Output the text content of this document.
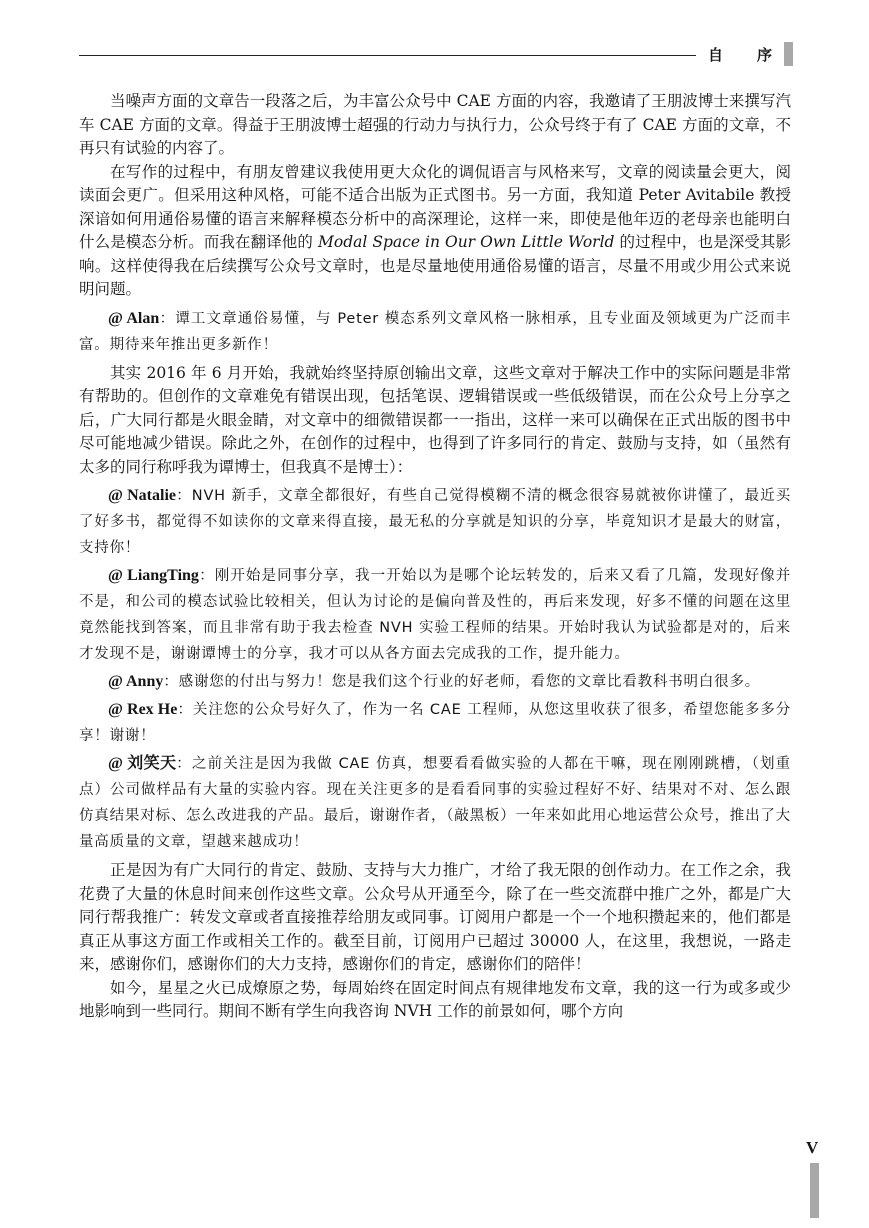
自 序

当噪声方面的文章告一段落之后，为丰富公众号中 CAE 方面的内容，我邀请了王朋波博士来撰写汽车 CAE 方面的文章。得益于王朋波博士超强的行动力与执行力，公众号终于有了 CAE 方面的文章，不再只有试验的内容了。

在写作的过程中，有朋友曾建议我使用更大众化的调侃语言与风格来写，文章的阅读量会更大，阅读面会更广。但采用这种风格，可能不适合出版为正式图书。另一方面，我知道 Peter Avitabile 教授深谙如何用通俗易懂的语言来解释模态分析中的高深理论，这样一来，即使是他年迈的老母亲也能明白什么是模态分析。而我在翻译他的 Modal Space in Our Own Little World 的过程中，也是深受其影响。这样使得我在后续撰写公众号文章时，也是尽量地使用通俗易懂的语言，尽量不用或少用公式来说明问题。

@ Alan：谭工文章通俗易懂，与 Peter 模态系列文章风格一脉相承，且专业面及领域更为广泛而丰富。期待来年推出更多新作！

其实 2016 年 6 月开始，我就始终坚持原创输出文章，这些文章对于解决工作中的实际问题是非常有帮助的。但创作的文章难免有错误出现，包括笔误、逻辑错误或一些低级错误，而在公众号上分享之后，广大同行都是火眼金睛，对文章中的细微错误都一一指出，这样一来可以确保在正式出版的图书中尽可能地减少错误。除此之外，在创作的过程中，也得到了许多同行的肯定、鼓励与支持，如（虽然有太多的同行称呼我为谭博士，但我真不是博士）：

@ Natalie：NVH 新手，文章全都很好，有些自己觉得模糊不清的概念很容易就被你讲懂了，最近买了好多书，都觉得不如读你的文章来得直接，最无私的分享就是知识的分享，毕竟知识才是最大的财富，支持你！

@ LiangTing：刚开始是同事分享，我一开始以为是哪个论坛转发的，后来又看了几篇，发现好像并不是，和公司的模态试验比较相关，但认为讨论的是偏向普及性的，再后来发现，好多不懂的问题在这里竟然能找到答案，而且非常有助于我去检查 NVH 实验工程师的结果。开始时我认为试验都是对的，后来才发现不是，谢谢谭博士的分享，我才可以从各方面去完成我的工作，提升能力。

@ Anny：感谢您的付出与努力！您是我们这个行业的好老师，看您的文章比看教科书明白很多。

@ Rex He：关注您的公众号好久了，作为一名 CAE 工程师，从您这里收获了很多，希望您能多多分享！谢谢！

@ 刘笑天：之前关注是因为我做 CAE 仿真，想要看看做实验的人都在干嘛，现在刚刚跳槽，（划重点）公司做样品有大量的实验内容。现在关注更多的是看看同事的实验过程好不好、结果对不对、怎么跟仿真结果对标、怎么改进我的产品。最后，谢谢作者，（敲黑板）一年来如此用心地运营公众号，推出了大量高质量的文章，望越来越成功！

正是因为有广大同行的肯定、鼓励、支持与大力推广，才给了我无限的创作动力。在工作之余，我花费了大量的休息时间来创作这些文章。公众号从开通至今，除了在一些交流群中推广之外，都是广大同行帮我推广：转发文章或者直接推荐给朋友或同事。订阅用户都是一个一个地积攒起来的，他们都是真正从事这方面工作或相关工作的。截至目前，订阅用户已超过 30000 人，在这里，我想说，一路走来，感谢你们，感谢你们的大力支持，感谢你们的肯定，感谢你们的陪伴！

如今，星星之火已成燎原之势，每周始终在固定时间点有规律地发布文章，我的这一行为或多或少地影响到一些同行。期间不断有学生向我咨询 NVH 工作的前景如何，哪个方向

V
